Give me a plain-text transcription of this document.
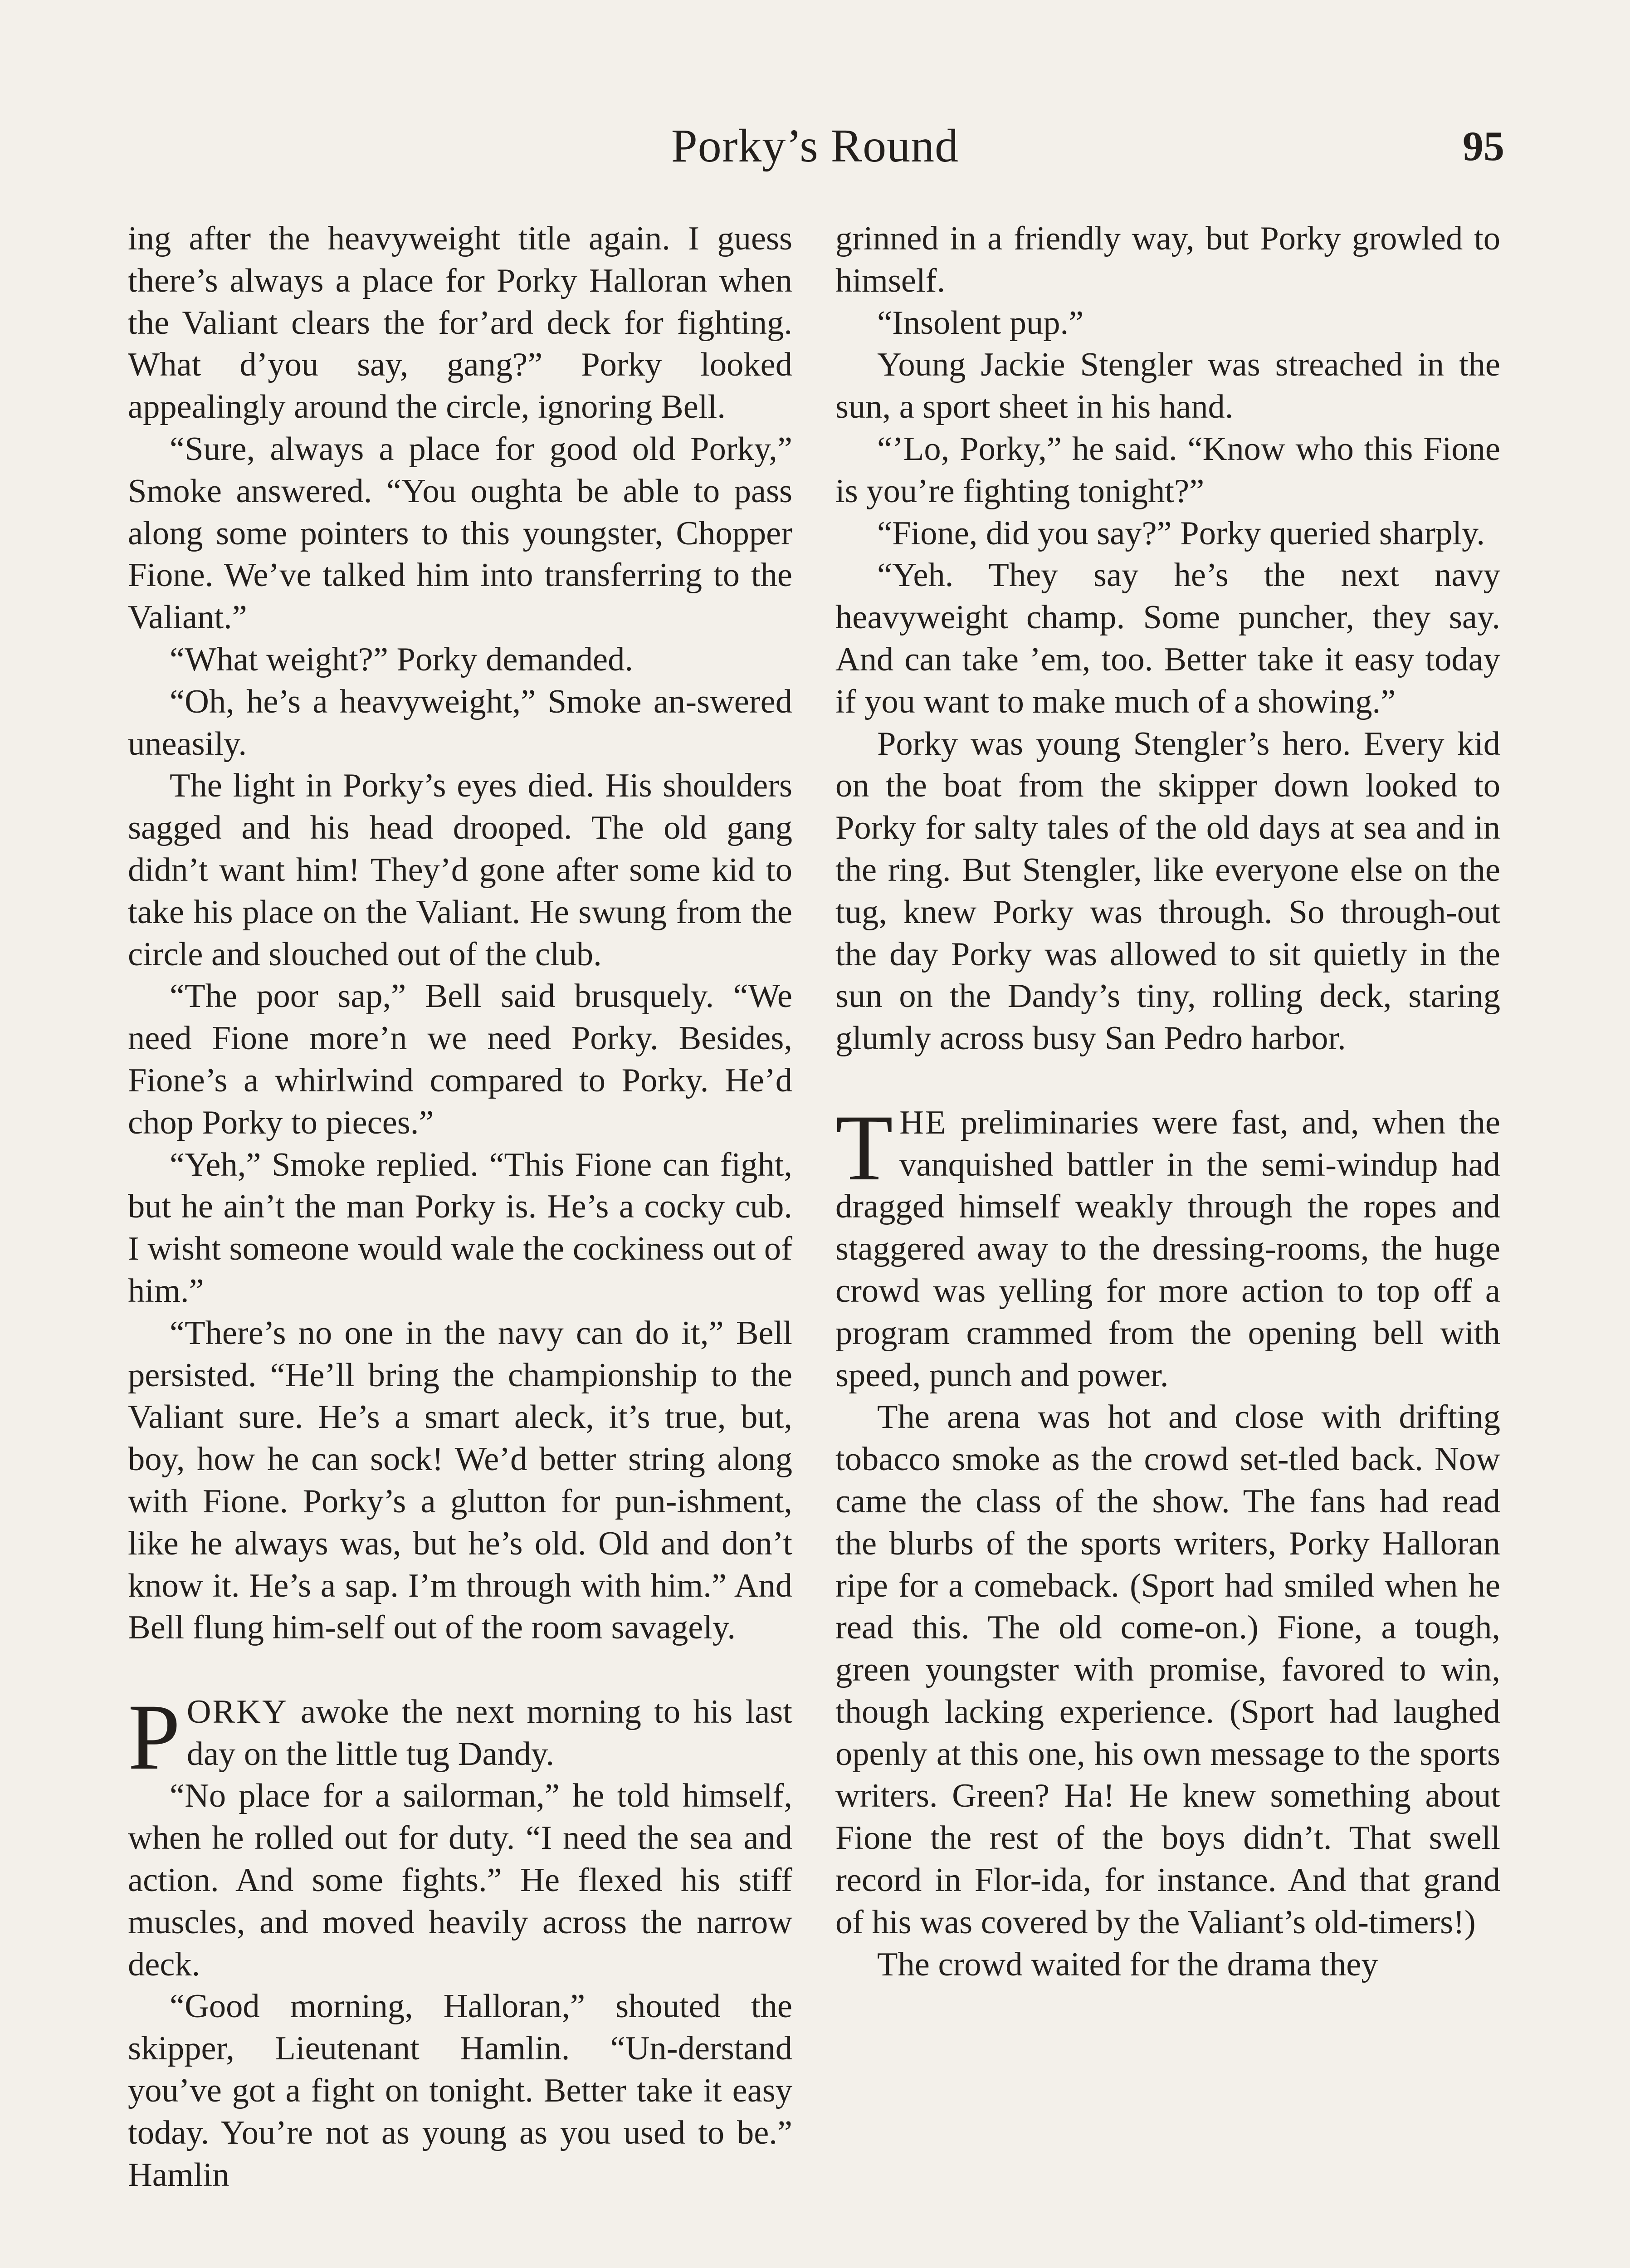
Porky’s Round	95

ing after the heavyweight title again. I guess there’s always a place for Porky Halloran when the Valiant clears the for’ard deck for fighting. What d’you say, gang?” Porky looked appealingly around the circle, ignoring Bell.

“Sure, always a place for good old Porky,” Smoke answered. “You oughta be able to pass along some pointers to this youngster, Chopper Fione. We’ve talked him into transferring to the Valiant.”

“What weight?” Porky demanded.

“Oh, he’s a heavyweight,” Smoke an-swered uneasily.

The light in Porky’s eyes died. His shoulders sagged and his head drooped. The old gang didn’t want him! They’d gone after some kid to take his place on the Valiant. He swung from the circle and slouched out of the club.

“The poor sap,” Bell said brusquely. “We need Fione more’n we need Porky. Besides, Fione’s a whirlwind compared to Porky. He’d chop Porky to pieces.”

“Yeh,” Smoke replied. “This Fione can fight, but he ain’t the man Porky is. He’s a cocky cub. I wisht someone would wale the cockiness out of him.”

“There’s no one in the navy can do it,” Bell persisted. “He’ll bring the championship to the Valiant sure. He’s a smart aleck, it’s true, but, boy, how he can sock! We’d better string along with Fione. Porky’s a glutton for pun-ishment, like he always was, but he’s old. Old and don’t know it. He’s a sap. I’m through with him.” And Bell flung him-self out of the room savagely.

PORKY awoke the next morning to his last day on the little tug Dandy.

“No place for a sailorman,” he told himself, when he rolled out for duty. “I need the sea and action. And some fights.” He flexed his stiff muscles, and moved heavily across the narrow deck.

“Good morning, Halloran,” shouted the skipper, Lieutenant Hamlin. “Un-derstand you’ve got a fight on tonight. Better take it easy today. You’re not as young as you used to be.” Hamlin

grinned in a friendly way, but Porky growled to himself.

“Insolent pup.”

Young Jackie Stengler was streached in the sun, a sport sheet in his hand.

“’Lo, Porky,” he said. “Know who this Fione is you’re fighting tonight?”

“Fione, did you say?” Porky queried sharply.

“Yeh. They say he’s the next navy heavyweight champ. Some puncher, they say. And can take ’em, too. Better take it easy today if you want to make much of a showing.”

Porky was young Stengler’s hero. Every kid on the boat from the skipper down looked to Porky for salty tales of the old days at sea and in the ring. But Stengler, like everyone else on the tug, knew Porky was through. So through-out the day Porky was allowed to sit quietly in the sun on the Dandy’s tiny, rolling deck, staring glumly across busy San Pedro harbor.

THE preliminaries were fast, and, when the vanquished battler in the semi-windup had dragged himself weakly through the ropes and staggered away to the dressing-rooms, the huge crowd was yelling for more action to top off a program crammed from the opening bell with speed, punch and power.

The arena was hot and close with drifting tobacco smoke as the crowd set-tled back. Now came the class of the show. The fans had read the blurbs of the sports writers, Porky Halloran ripe for a comeback. (Sport had smiled when he read this. The old come-on.) Fione, a tough, green youngster with promise, favored to win, though lacking experience. (Sport had laughed openly at this one, his own message to the sports writers. Green? Ha! He knew something about Fione the rest of the boys didn’t. That swell record in Flor-ida, for instance. And that grand of his was covered by the Valiant’s old-timers!)

The crowd waited for the drama they
